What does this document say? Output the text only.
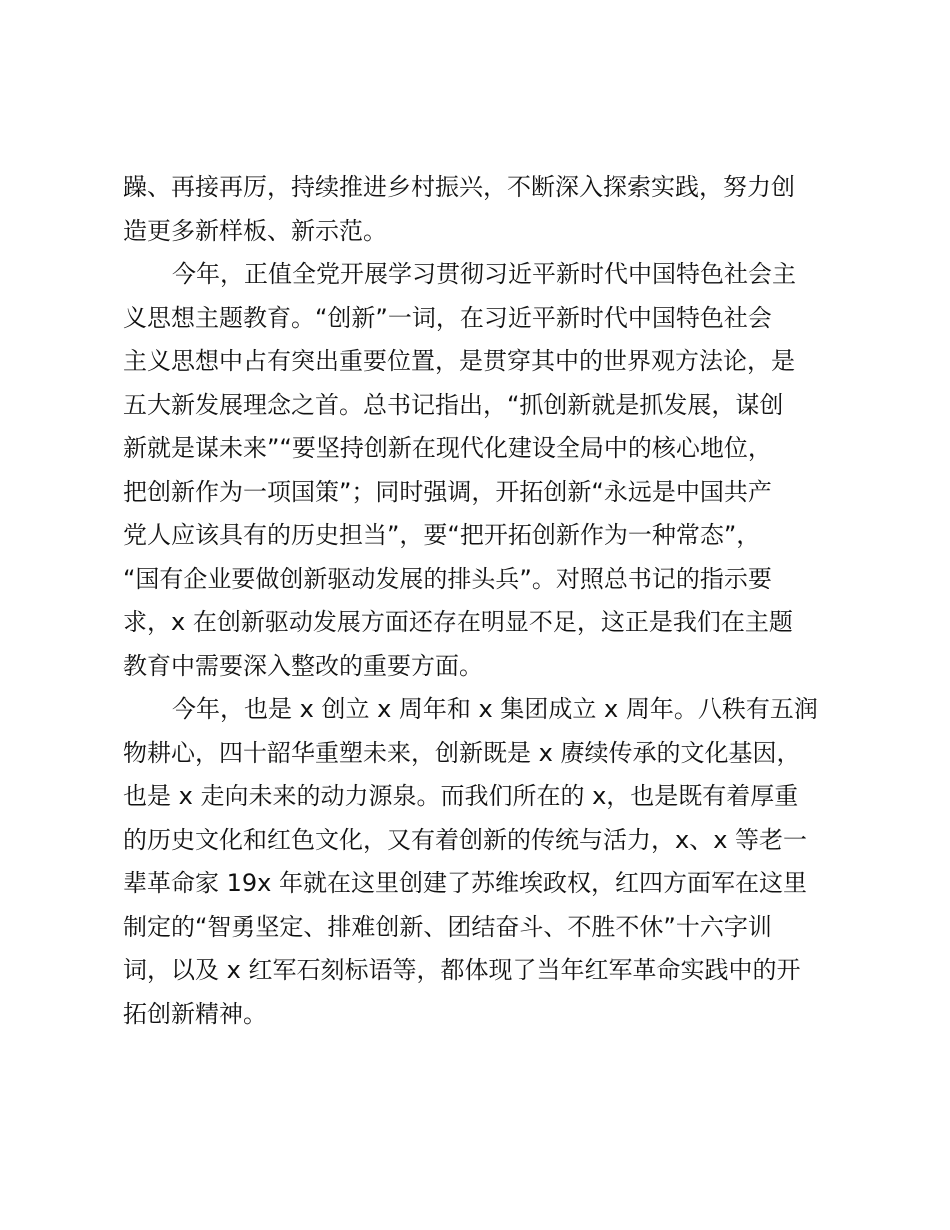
躁、再接再厉，持续推进乡村振兴，不断深入探索实践，努力创
造更多新样板、新示范。
今年，正值全党开展学习贯彻习近平新时代中国特色社会主
义思想主题教育。“创新”一词，在习近平新时代中国特色社会
主义思想中占有突出重要位置，是贯穿其中的世界观方法论，是
五大新发展理念之首。总书记指出，“抓创新就是抓发展，谋创
新就是谋未来”“要坚持创新在现代化建设全局中的核心地位，
把创新作为一项国策”；同时强调，开拓创新“永远是中国共产
党人应该具有的历史担当”，要“把开拓创新作为一种常态”，
“国有企业要做创新驱动发展的排头兵”。对照总书记的指示要
求，x 在创新驱动发展方面还存在明显不足，这正是我们在主题
教育中需要深入整改的重要方面。
今年，也是 x 创立 x 周年和 x 集团成立 x 周年。八秩有五润
物耕心，四十韶华重塑未来，创新既是 x 赓续传承的文化基因，
也是 x 走向未来的动力源泉。而我们所在的 x，也是既有着厚重
的历史文化和红色文化，又有着创新的传统与活力，x、x 等老一
辈革命家 19x 年就在这里创建了苏维埃政权，红四方面军在这里
制定的“智勇坚定、排难创新、团结奋斗、不胜不休”十六字训
词，以及 x 红军石刻标语等，都体现了当年红军革命实践中的开
拓创新精神。
